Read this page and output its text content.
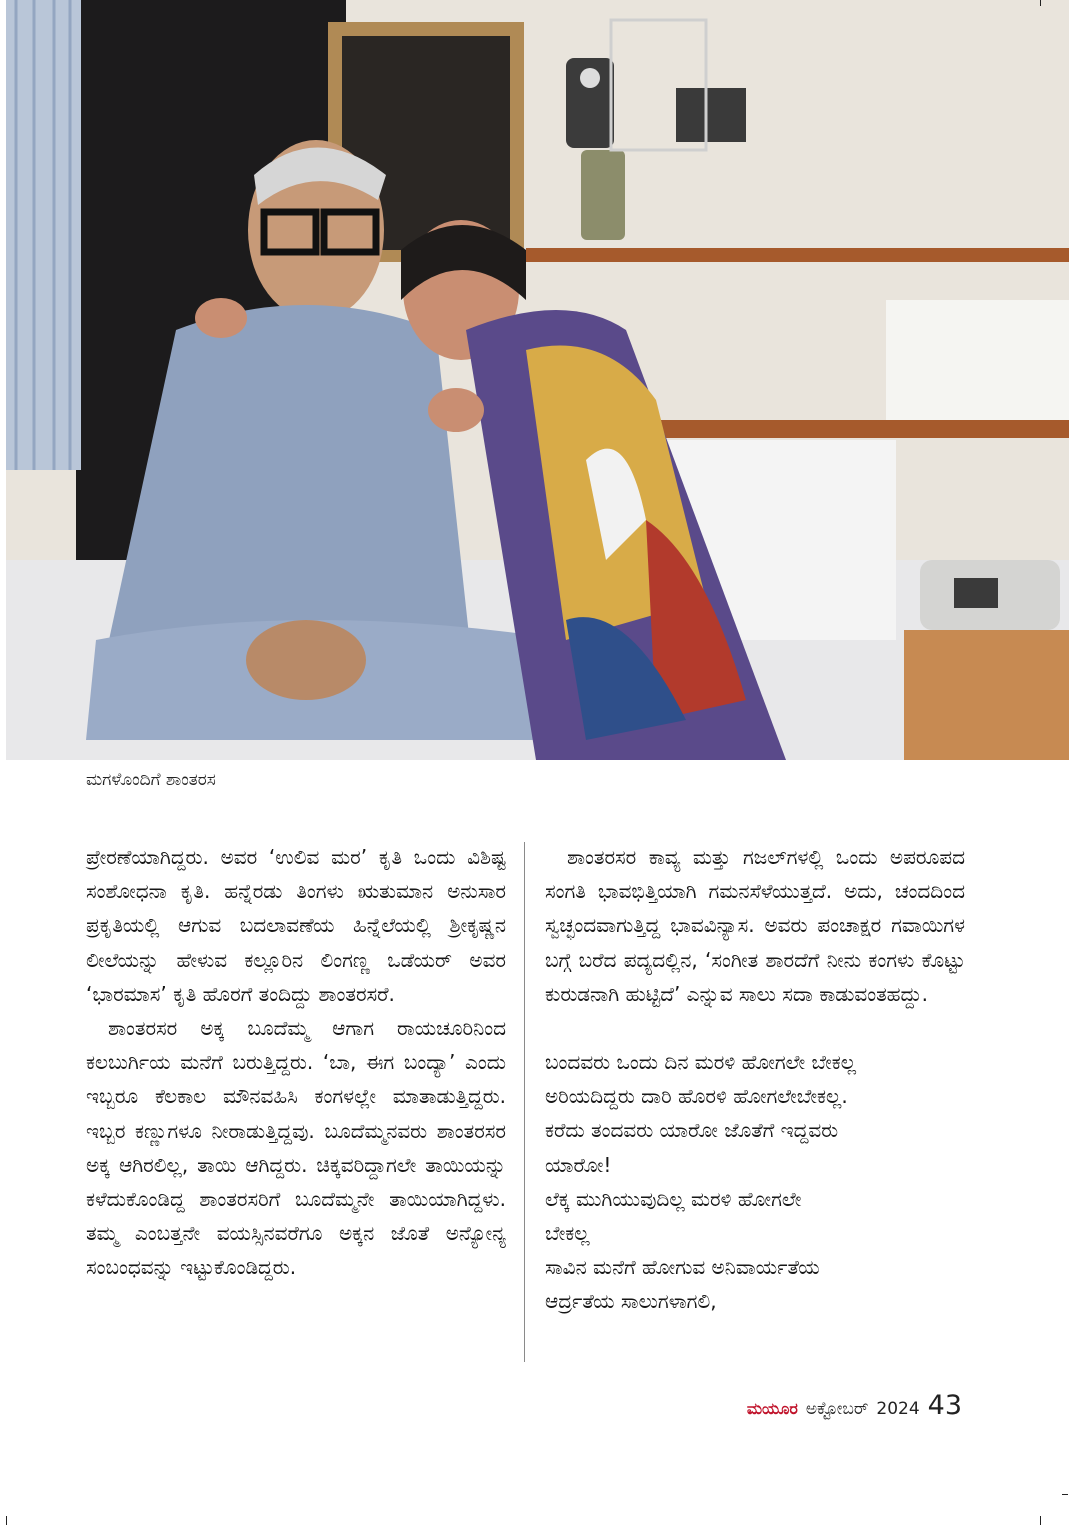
ಮಗಳೊಂದಿಗೆ ಶಾಂತರಸ

ಪ್ರೇರಣೆಯಾಗಿದ್ದರು. ಅವರ ‘ಉಲಿವ ಮರ’ ಕೃತಿ ಒಂದು ವಿಶಿಷ್ಟ ಸಂಶೋಧನಾ ಕೃತಿ. ಹನ್ನೆರಡು ತಿಂಗಳು ಋತುಮಾನ ಅನುಸಾರ ಪ್ರಕೃತಿಯಲ್ಲಿ ಆಗುವ ಬದಲಾವಣೆಯ ಹಿನ್ನೆಲೆಯಲ್ಲಿ ಶ್ರೀಕೃಷ್ಣನ ಲೀಲೆಯನ್ನು ಹೇಳುವ ಕಲ್ಲೂರಿನ ಲಿಂಗಣ್ಣ ಒಡೆಯರ್ ಅವರ ‘ಭಾರಮಾಸ’ ಕೃತಿ ಹೊರಗೆ ತಂದಿದ್ದು ಶಾಂತರಸರೆ.

ಶಾಂತರಸರ ಅಕ್ಕ ಬೂದೆಮ್ಮ ಆಗಾಗ ರಾಯಚೂರಿನಿಂದ ಕಲಬುರ್ಗಿಯ ಮನೆಗೆ ಬರುತ್ತಿದ್ದರು. ‘ಬಾ, ಈಗ ಬಂದ್ಯಾ’ ಎಂದು ಇಬ್ಬರೂ ಕೆಲಕಾಲ ಮೌನವಹಿಸಿ ಕಂಗಳಲ್ಲೇ ಮಾತಾಡುತ್ತಿದ್ದರು. ಇಬ್ಬರ ಕಣ್ಣುಗಳೂ ನೀರಾಡುತ್ತಿದ್ದವು. ಬೂದೆಮ್ಮನವರು ಶಾಂತರಸರ ಅಕ್ಕ ಆಗಿರಲಿಲ್ಲ, ತಾಯಿ ಆಗಿದ್ದರು. ಚಿಕ್ಕವರಿದ್ದಾಗಲೇ ತಾಯಿಯನ್ನು ಕಳೆದುಕೊಂಡಿದ್ದ ಶಾಂತರಸರಿಗೆ ಬೂದೆಮ್ಮನೇ ತಾಯಿಯಾಗಿದ್ದಳು. ತಮ್ಮ ಎಂಬತ್ತನೇ ವಯಸ್ಸಿನವರೆಗೂ ಅಕ್ಕನ ಜೊತೆ ಅನ್ಯೋನ್ಯ ಸಂಬಂಧವನ್ನು ಇಟ್ಟುಕೊಂಡಿದ್ದರು.

ಶಾಂತರಸರ ಕಾವ್ಯ ಮತ್ತು ಗಜಲ್‌ಗಳಲ್ಲಿ ಒಂದು ಅಪರೂಪದ ಸಂಗತಿ ಭಾವಭಿತ್ತಿಯಾಗಿ ಗಮನಸೆಳೆಯುತ್ತದೆ. ಅದು, ಚಂದದಿಂದ ಸ್ವಚ್ಛಂದವಾಗುತ್ತಿದ್ದ ಭಾವವಿನ್ಯಾಸ. ಅವರು ಪಂಚಾಕ್ಷರ ಗವಾಯಿಗಳ ಬಗ್ಗೆ ಬರೆದ ಪದ್ಯದಲ್ಲಿನ, ‘ಸಂಗೀತ ಶಾರದೆಗೆ ನೀನು ಕಂಗಳು ಕೊಟ್ಟು ಕುರುಡನಾಗಿ ಹುಟ್ಟಿದೆ’ ಎನ್ನುವ ಸಾಲು ಸದಾ ಕಾಡುವಂತಹದ್ದು.

ಬಂದವರು ಒಂದು ದಿನ ಮರಳಿ ಹೋಗಲೇ ಬೇಕಲ್ಲ
ಅರಿಯದಿದ್ದರು ದಾರಿ ಹೊರಳಿ ಹೋಗಲೇಬೇಕಲ್ಲ.
ಕರೆದು ತಂದವರು ಯಾರೋ ಜೊತೆಗೆ ಇದ್ದವರು
ಯಾರೋ!
ಲೆಕ್ಕ ಮುಗಿಯುವುದಿಲ್ಲ ಮರಳಿ ಹೋಗಲೇ
ಬೇಕಲ್ಲ
ಸಾವಿನ ಮನೆಗೆ ಹೋಗುವ ಅನಿವಾರ್ಯತೆಯ
ಆರ್ದ್ರತೆಯ ಸಾಲುಗಳಾಗಲಿ,

ಮಯೂರ ಅಕ್ಟೋಬರ್ 2024 43
